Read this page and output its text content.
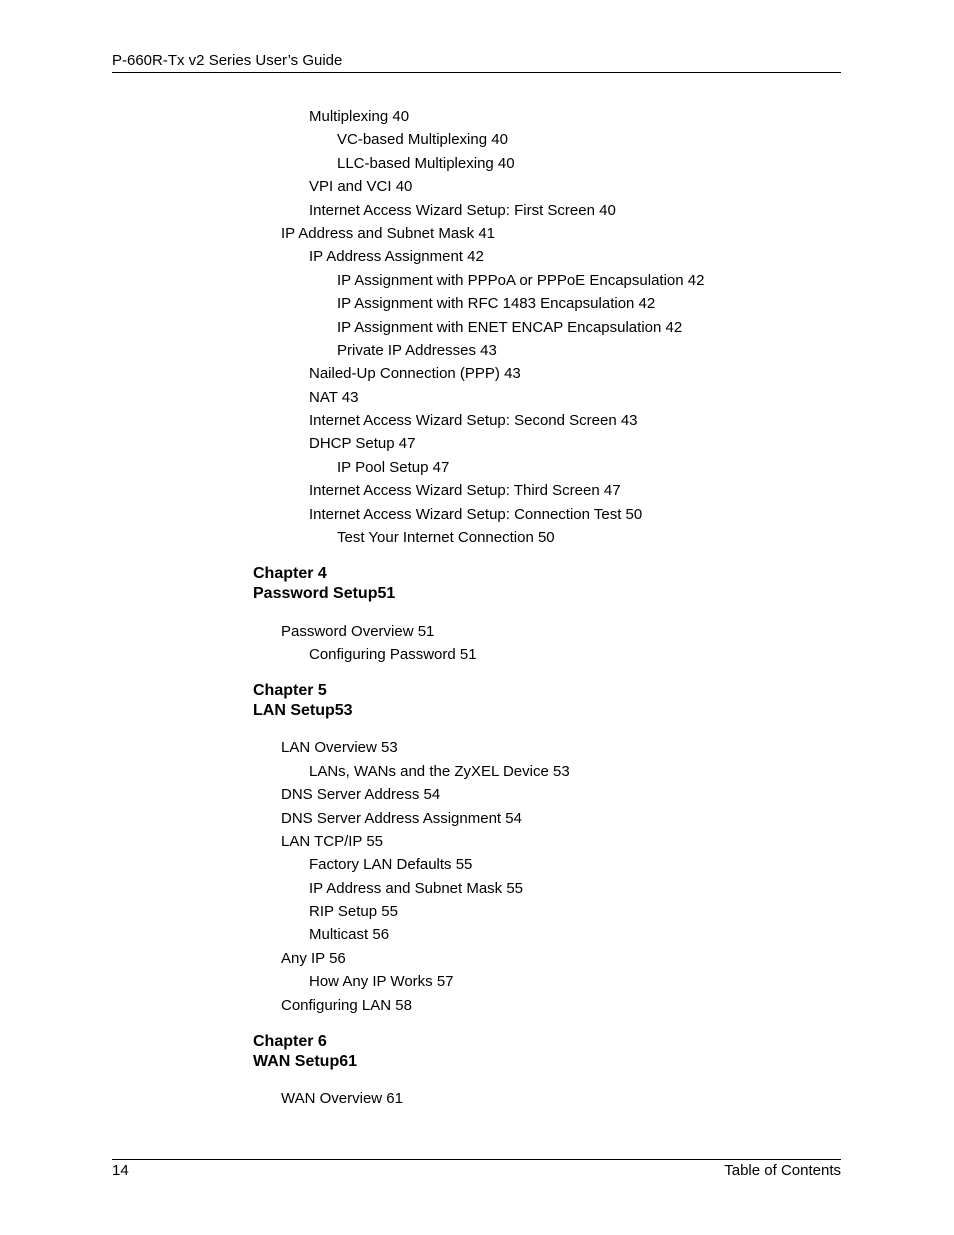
P-660R-Tx v2 Series User’s Guide
Multiplexing 40
VC-based Multiplexing 40
LLC-based Multiplexing 40
VPI and VCI 40
Internet Access Wizard Setup: First Screen 40
IP Address and Subnet Mask 41
IP Address Assignment 42
IP Assignment with PPPoA or PPPoE Encapsulation 42
IP Assignment with RFC 1483 Encapsulation 42
IP Assignment with ENET ENCAP Encapsulation 42
Private IP Addresses 43
Nailed-Up Connection (PPP) 43
NAT 43
Internet Access Wizard Setup: Second Screen 43
DHCP Setup 47
IP Pool Setup 47
Internet Access Wizard Setup: Third Screen 47
Internet Access Wizard Setup: Connection Test 50
Test Your Internet Connection 50
Chapter 4
Password Setup51
Password Overview 51
Configuring Password 51
Chapter 5
LAN Setup53
LAN Overview 53
LANs, WANs and the ZyXEL Device 53
DNS Server Address 54
DNS Server Address Assignment 54
LAN TCP/IP 55
Factory LAN Defaults 55
IP Address and Subnet Mask 55
RIP Setup 55
Multicast 56
Any IP 56
How Any IP Works 57
Configuring LAN 58
Chapter 6
WAN Setup61
WAN Overview 61
14	Table of Contents
